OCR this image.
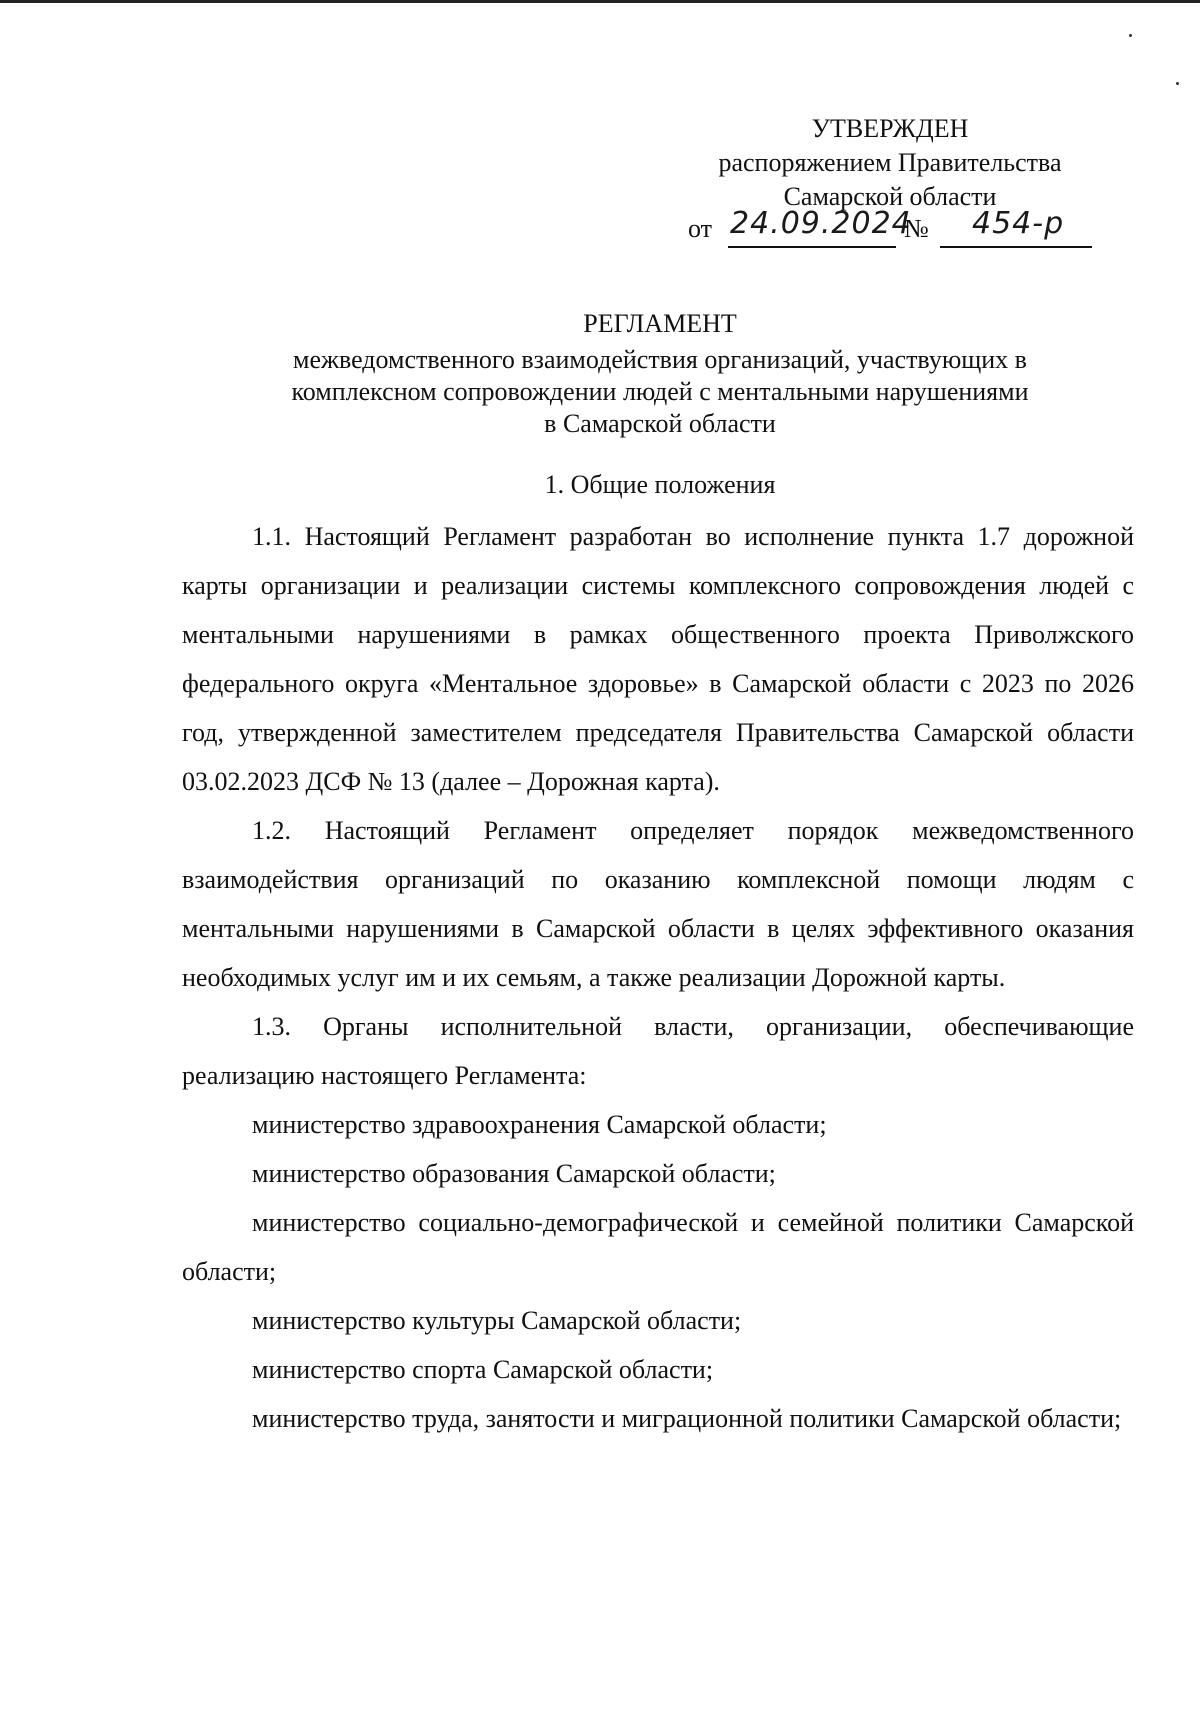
УТВЕРЖДЕН
распоряжением Правительства
Самарской области
от 24.09.2024
№ 454-р
РЕГЛАМЕНТ
межведомственного взаимодействия организаций, участвующих в
комплексном сопровождении людей с ментальными нарушениями
в Самарской области
1. Общие положения

1.1. Настоящий Регламент разработан во исполнение пункта 1.7 дорожной карты организации и реализации системы комплексного сопровождения людей с ментальными нарушениями в рамках общественного проекта Приволжского федерального округа «Ментальное здоровье» в Самарской области с 2023 по 2026 год, утвержденной заместителем председателя Правительства Самарской области 03.02.2023 ДСФ № 13 (далее – Дорожная карта).

1.2. Настоящий Регламент определяет порядок межведомственного взаимодействия организаций по оказанию комплексной помощи людям с ментальными нарушениями в Самарской области в целях эффективного оказания необходимых услуг им и их семьям, а также реализации Дорожной карты.

1.3. Органы исполнительной власти, организации, обеспечивающие реализацию настоящего Регламента:

министерство здравоохранения Самарской области;

министерство образования Самарской области;

министерство социально-демографической и семейной политики Самарской области;

министерство культуры Самарской области;

министерство спорта Самарской области;

министерство труда, занятости и миграционной политики Самарской области;
